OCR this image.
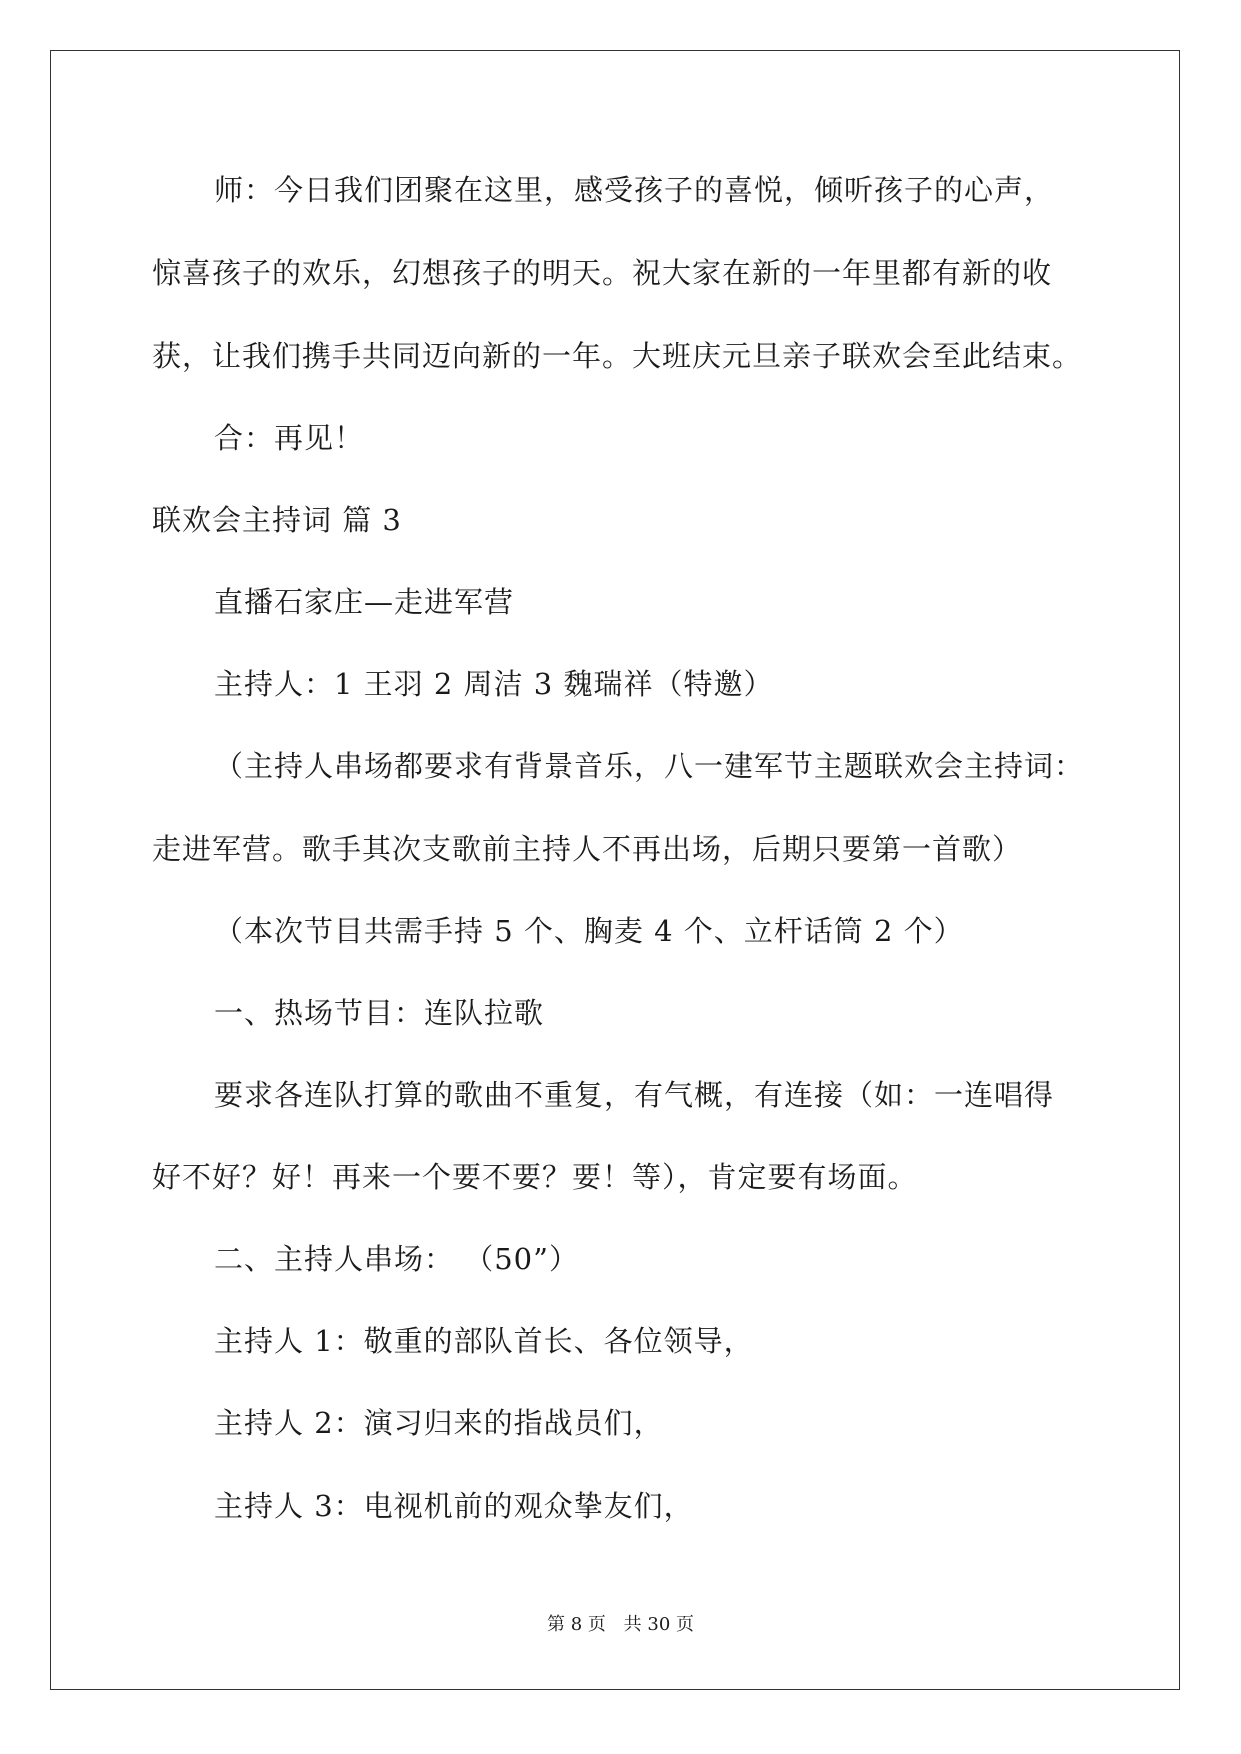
师：今日我们团聚在这里，感受孩子的喜悦，倾听孩子的心声，
惊喜孩子的欢乐，幻想孩子的明天。祝大家在新的一年里都有新的收
获，让我们携手共同迈向新的一年。大班庆元旦亲子联欢会至此结束。
合：再见！
联欢会主持词 篇 3
直播石家庄—走进军营
主持人：1 王羽 2 周洁 3 魏瑞祥（特邀）
（主持人串场都要求有背景音乐，八一建军节主题联欢会主持词：
走进军营。歌手其次支歌前主持人不再出场，后期只要第一首歌）
（本次节目共需手持 5 个、胸麦 4 个、立杆话筒 2 个）
一、热场节目：连队拉歌
要求各连队打算的歌曲不重复，有气概，有连接（如：一连唱得
好不好？好！再来一个要不要？要！等），肯定要有场面。
二、主持人串场： （50”）
主持人 1：敬重的部队首长、各位领导，
主持人 2：演习归来的指战员们，
主持人 3：电视机前的观众挚友们，
第 8 页 共 30 页
